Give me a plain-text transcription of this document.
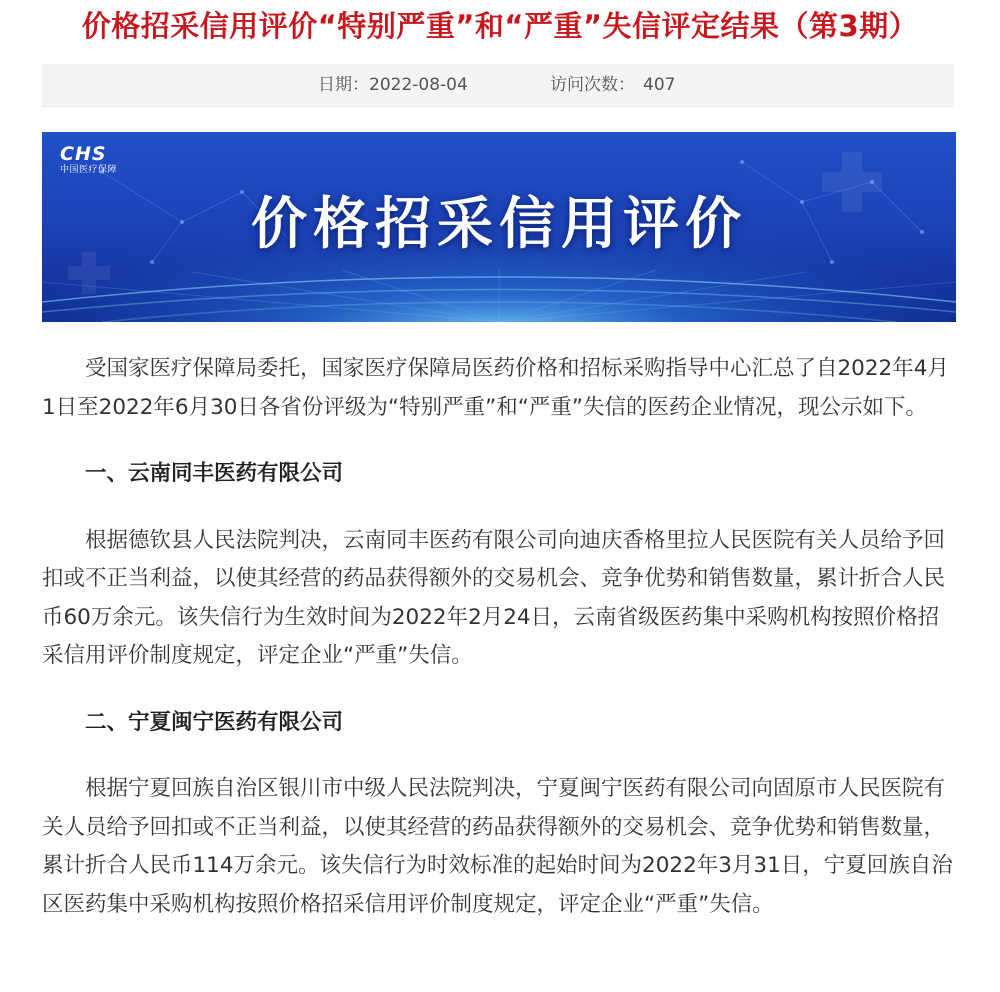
价格招采信用评价“特别严重”和“严重”失信评定结果（第3期）
日期：2022-08-04	访问次数： 407
CHS
中国医疗保障
价格招采信用评价

受国家医疗保障局委托，国家医疗保障局医药价格和招标采购指导中心汇总了自2022年4月1日至2022年6月30日各省份评级为“特别严重”和“严重”失信的医药企业情况，现公示如下。

一、云南同丰医药有限公司

根据德钦县人民法院判决，云南同丰医药有限公司向迪庆香格里拉人民医院有关人员给予回扣或不正当利益，以使其经营的药品获得额外的交易机会、竞争优势和销售数量，累计折合人民币60万余元。该失信行为生效时间为2022年2月24日，云南省级医药集中采购机构按照价格招采信用评价制度规定，评定企业“严重”失信。

二、宁夏闽宁医药有限公司

根据宁夏回族自治区银川市中级人民法院判决，宁夏闽宁医药有限公司向固原市人民医院有关人员给予回扣或不正当利益，以使其经营的药品获得额外的交易机会、竞争优势和销售数量，累计折合人民币114万余元。该失信行为时效标准的起始时间为2022年3月31日，宁夏回族自治区医药集中采购机构按照价格招采信用评价制度规定，评定企业“严重”失信。
